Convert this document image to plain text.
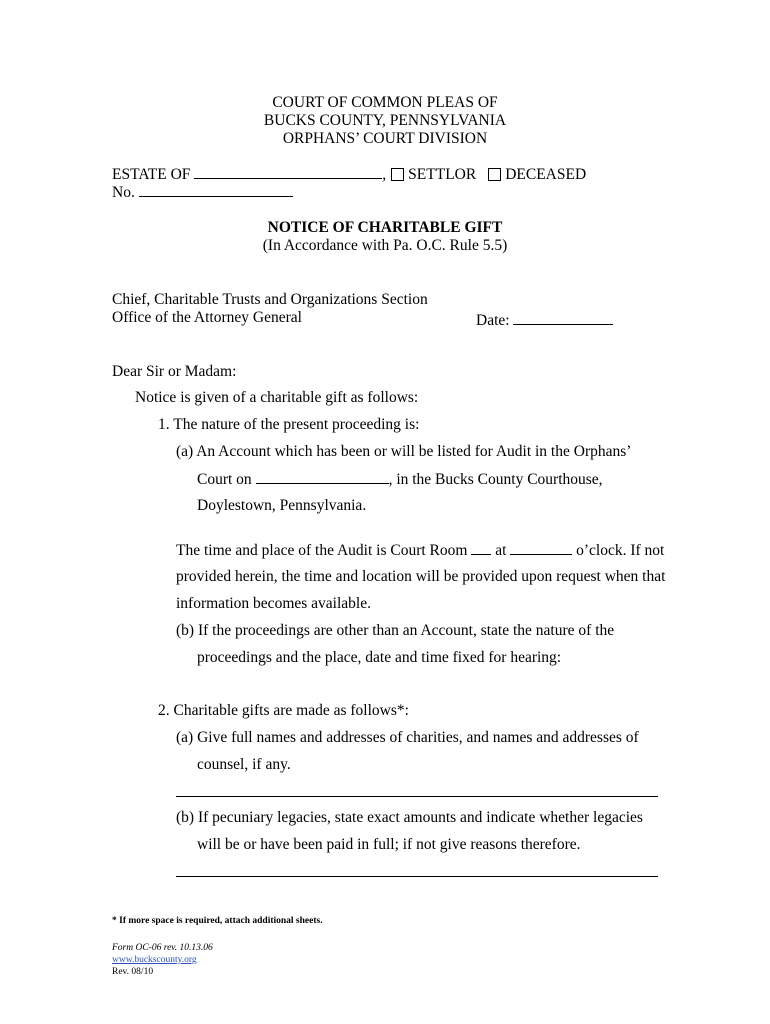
COURT OF COMMON PLEAS OF
BUCKS COUNTY, PENNSYLVANIA
ORPHANS’ COURT DIVISION
ESTATE OF	, SETTLOR DECEASED
No.
NOTICE OF CHARITABLE GIFT
(In Accordance with Pa. O.C. Rule 5.5)
Chief, Charitable Trusts and Organizations Section
Office of the Attorney General	Date:
Dear Sir or Madam:
Notice is given of a charitable gift as follows:
1. The nature of the present proceeding is:
(a) An Account which has been or will be listed for Audit in the Orphans’
Court on	, in the Bucks County Courthouse,
Doylestown, Pennsylvania.
The time and place of the Audit is Court Room at	o’clock. If not
provided herein, the time and location will be provided upon request when that
information becomes available.
(b) If the proceedings are other than an Account, state the nature of the
proceedings and the place, date and time fixed for hearing:
2. Charitable gifts are made as follows*:
(a) Give full names and addresses of charities, and names and addresses of
counsel, if any.
(b) If pecuniary legacies, state exact amounts and indicate whether legacies
will be or have been paid in full; if not give reasons therefore.
* If more space is required, attach additional sheets.
Form OC-06 rev. 10.13.06
www.buckscounty.org
Rev. 08/10
